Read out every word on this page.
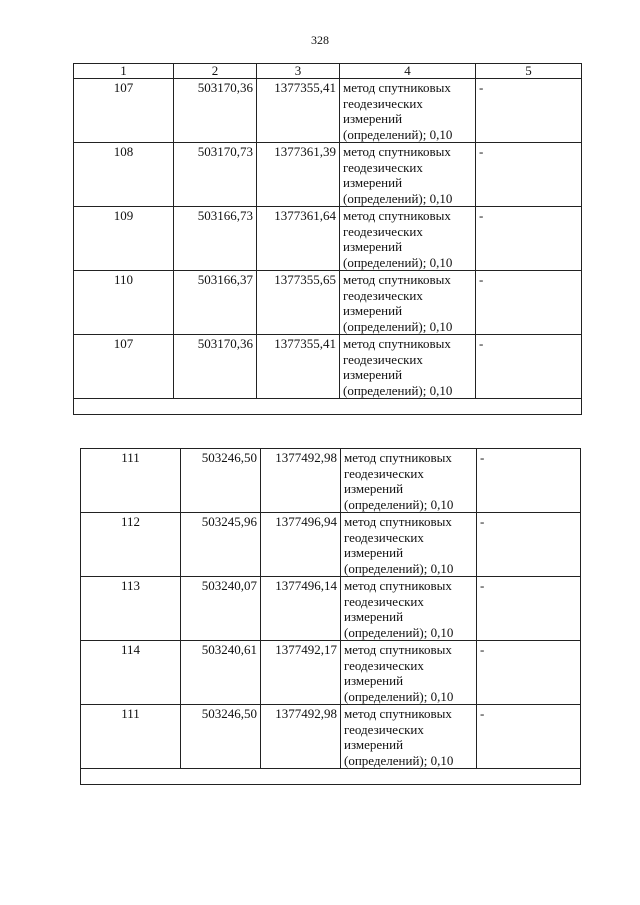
328
1	2	3	4	5
107	503170,36	1377355,41	метод спутниковых
геодезических
измерений
(определений); 0,10	-
108	503170,73	1377361,39	метод спутниковых
геодезических
измерений
(определений); 0,10	-
109	503166,73	1377361,64	метод спутниковых
геодезических
измерений
(определений); 0,10	-
110	503166,37	1377355,65	метод спутниковых
геодезических
измерений
(определений); 0,10	-
107	503170,36	1377355,41	метод спутниковых
геодезических
измерений
(определений); 0,10	-

111	503246,50	1377492,98	метод спутниковых
геодезических
измерений
(определений); 0,10	-
112	503245,96	1377496,94	метод спутниковых
геодезических
измерений
(определений); 0,10	-
113	503240,07	1377496,14	метод спутниковых
геодезических
измерений
(определений); 0,10	-
114	503240,61	1377492,17	метод спутниковых
геодезических
измерений
(определений); 0,10	-
111	503246,50	1377492,98	метод спутниковых
геодезических
измерений
(определений); 0,10	-
